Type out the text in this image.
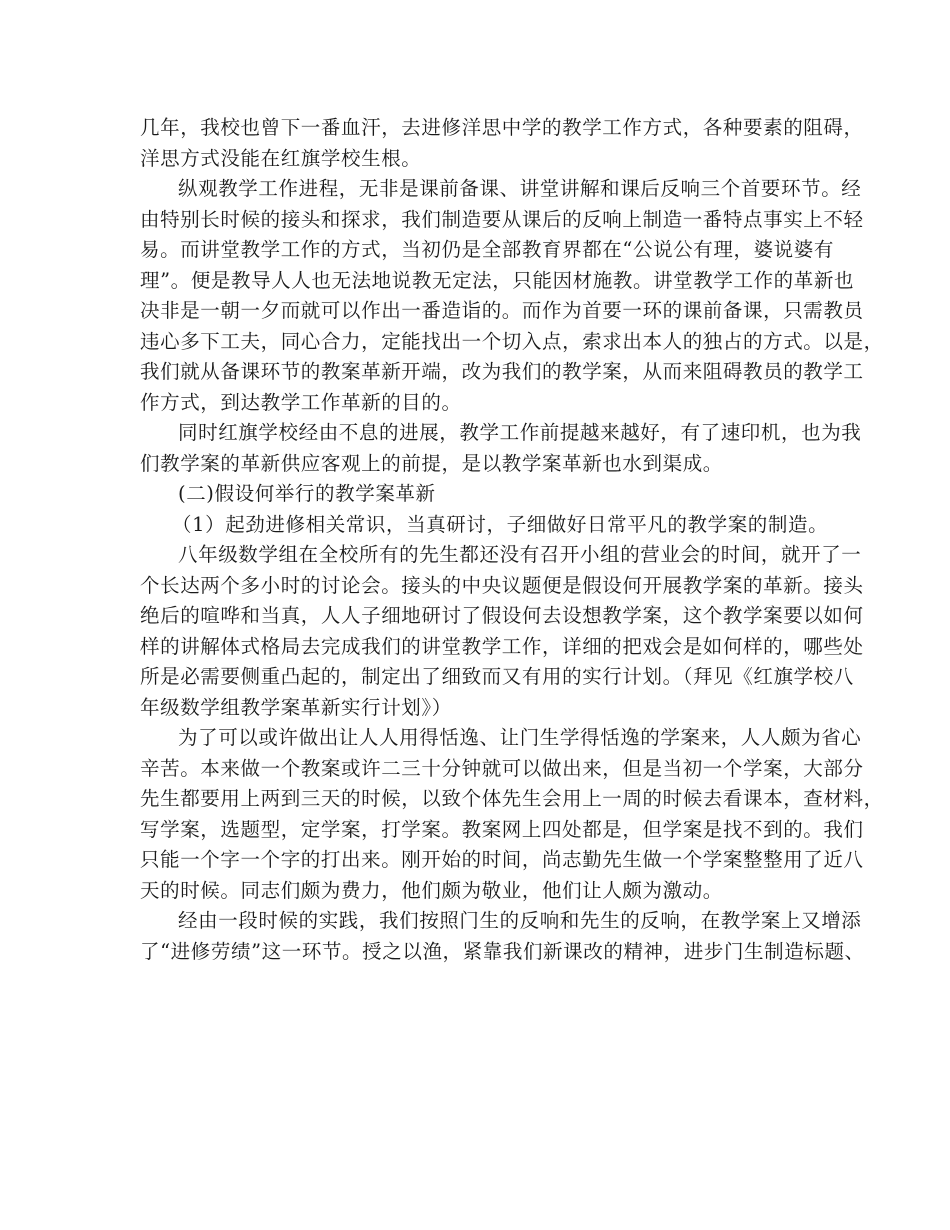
几年，我校也曾下一番血汗，去进修洋思中学的教学工作方式，各种要素的阻碍，
洋思方式没能在红旗学校生根。
纵观教学工作进程，无非是课前备课、讲堂讲解和课后反响三个首要环节。经
由特别长时候的接头和探求，我们制造要从课后的反响上制造一番特点事实上不轻
易。而讲堂教学工作的方式，当初仍是全部教育界都在“公说公有理，婆说婆有
理”。便是教导人人也无法地说教无定法，只能因材施教。讲堂教学工作的革新也
决非是一朝一夕而就可以作出一番造诣的。而作为首要一环的课前备课，只需教员
违心多下工夫，同心合力，定能找出一个切入点，索求出本人的独占的方式。以是，
我们就从备课环节的教案革新开端，改为我们的教学案，从而来阻碍教员的教学工
作方式，到达教学工作革新的目的。
同时红旗学校经由不息的进展，教学工作前提越来越好，有了速印机，也为我
们教学案的革新供应客观上的前提，是以教学案革新也水到渠成。
(二)假设何举行的教学案革新
（1）起劲进修相关常识，当真研讨，子细做好日常平凡的教学案的制造。
八年级数学组在全校所有的先生都还没有召开小组的营业会的时间，就开了一
个长达两个多小时的讨论会。接头的中央议题便是假设何开展教学案的革新。接头
绝后的喧哗和当真，人人子细地研讨了假设何去设想教学案，这个教学案要以如何
样的讲解体式格局去完成我们的讲堂教学工作，详细的把戏会是如何样的，哪些处
所是必需要侧重凸起的，制定出了细致而又有用的实行计划。（拜见《红旗学校八
年级数学组教学案革新实行计划》）
为了可以或许做出让人人用得恬逸、让门生学得恬逸的学案来，人人颇为省心
辛苦。本来做一个教案或许二三十分钟就可以做出来，但是当初一个学案，大部分
先生都要用上两到三天的时候，以致个体先生会用上一周的时候去看课本，查材料，
写学案，选题型，定学案，打学案。教案网上四处都是，但学案是找不到的。我们
只能一个字一个字的打出来。刚开始的时间，尚志勤先生做一个学案整整用了近八
天的时候。同志们颇为费力，他们颇为敬业，他们让人颇为激动。
经由一段时候的实践，我们按照门生的反响和先生的反响，在教学案上又增添
了“进修劳绩”这一环节。授之以渔，紧靠我们新课改的精神，进步门生制造标题、
